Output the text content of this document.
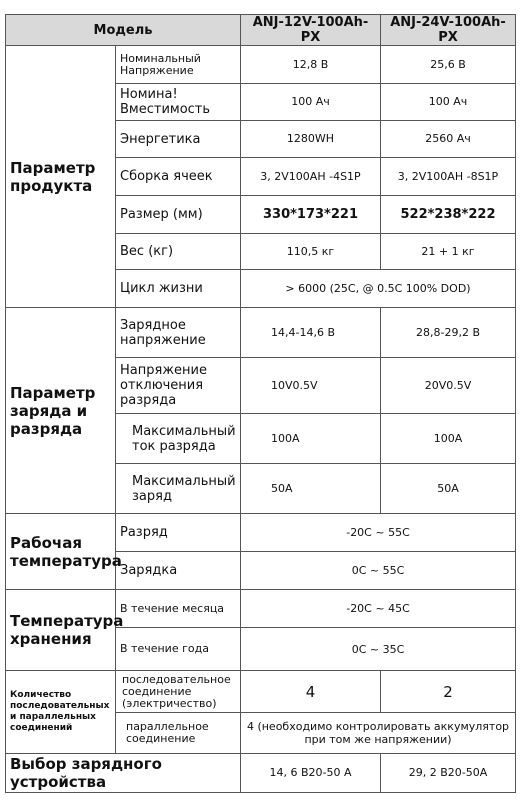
Модель		ANJ-12V-100Ah-PX	ANJ-24V-100Ah-PX
Параметр продукта	Номинальный Напряжение	12,8 В	25,6 В
	Номина! Вместимость	100 Ач	100 Ач
	Энергетика	1280WH	2560 Ач
	Сборка ячеек	3, 2V100AH -4S1P	3, 2V100AH -8S1P
	Размер (мм)	330*173*221	522*238*222
	Вес (кг)	110,5 кг	21 + 1 кг
	Цикл жизни	> 6000 (25C, @ 0.5C 100% DOD)	
Параметр заряда и разряда	Зарядное напряжение	14,4-14,6 В	28,8-29,2 В
	Напряжение отключения разряда	10V0.5V	20V0.5V
	Максимальный ток разряда	100A	100A
	Максимальный заряд	50A	50A
Рабочая температура	Разряд	-20C ~ 55C	
	Зарядка	0C ~ 55C	
Температура хранения	В течение месяца	-20C ~ 45C	
	В течение года	0C ~ 35C	
Количество последовательных и параллельных соединений	последовательное соединение (электричество)	4	2
	параллельное соединение	4 (необходимо контролировать аккумулятор при том же напряжении)	
Выбор зарядного устройства		14, 6 В20-50 А	29, 2 В20-50А
